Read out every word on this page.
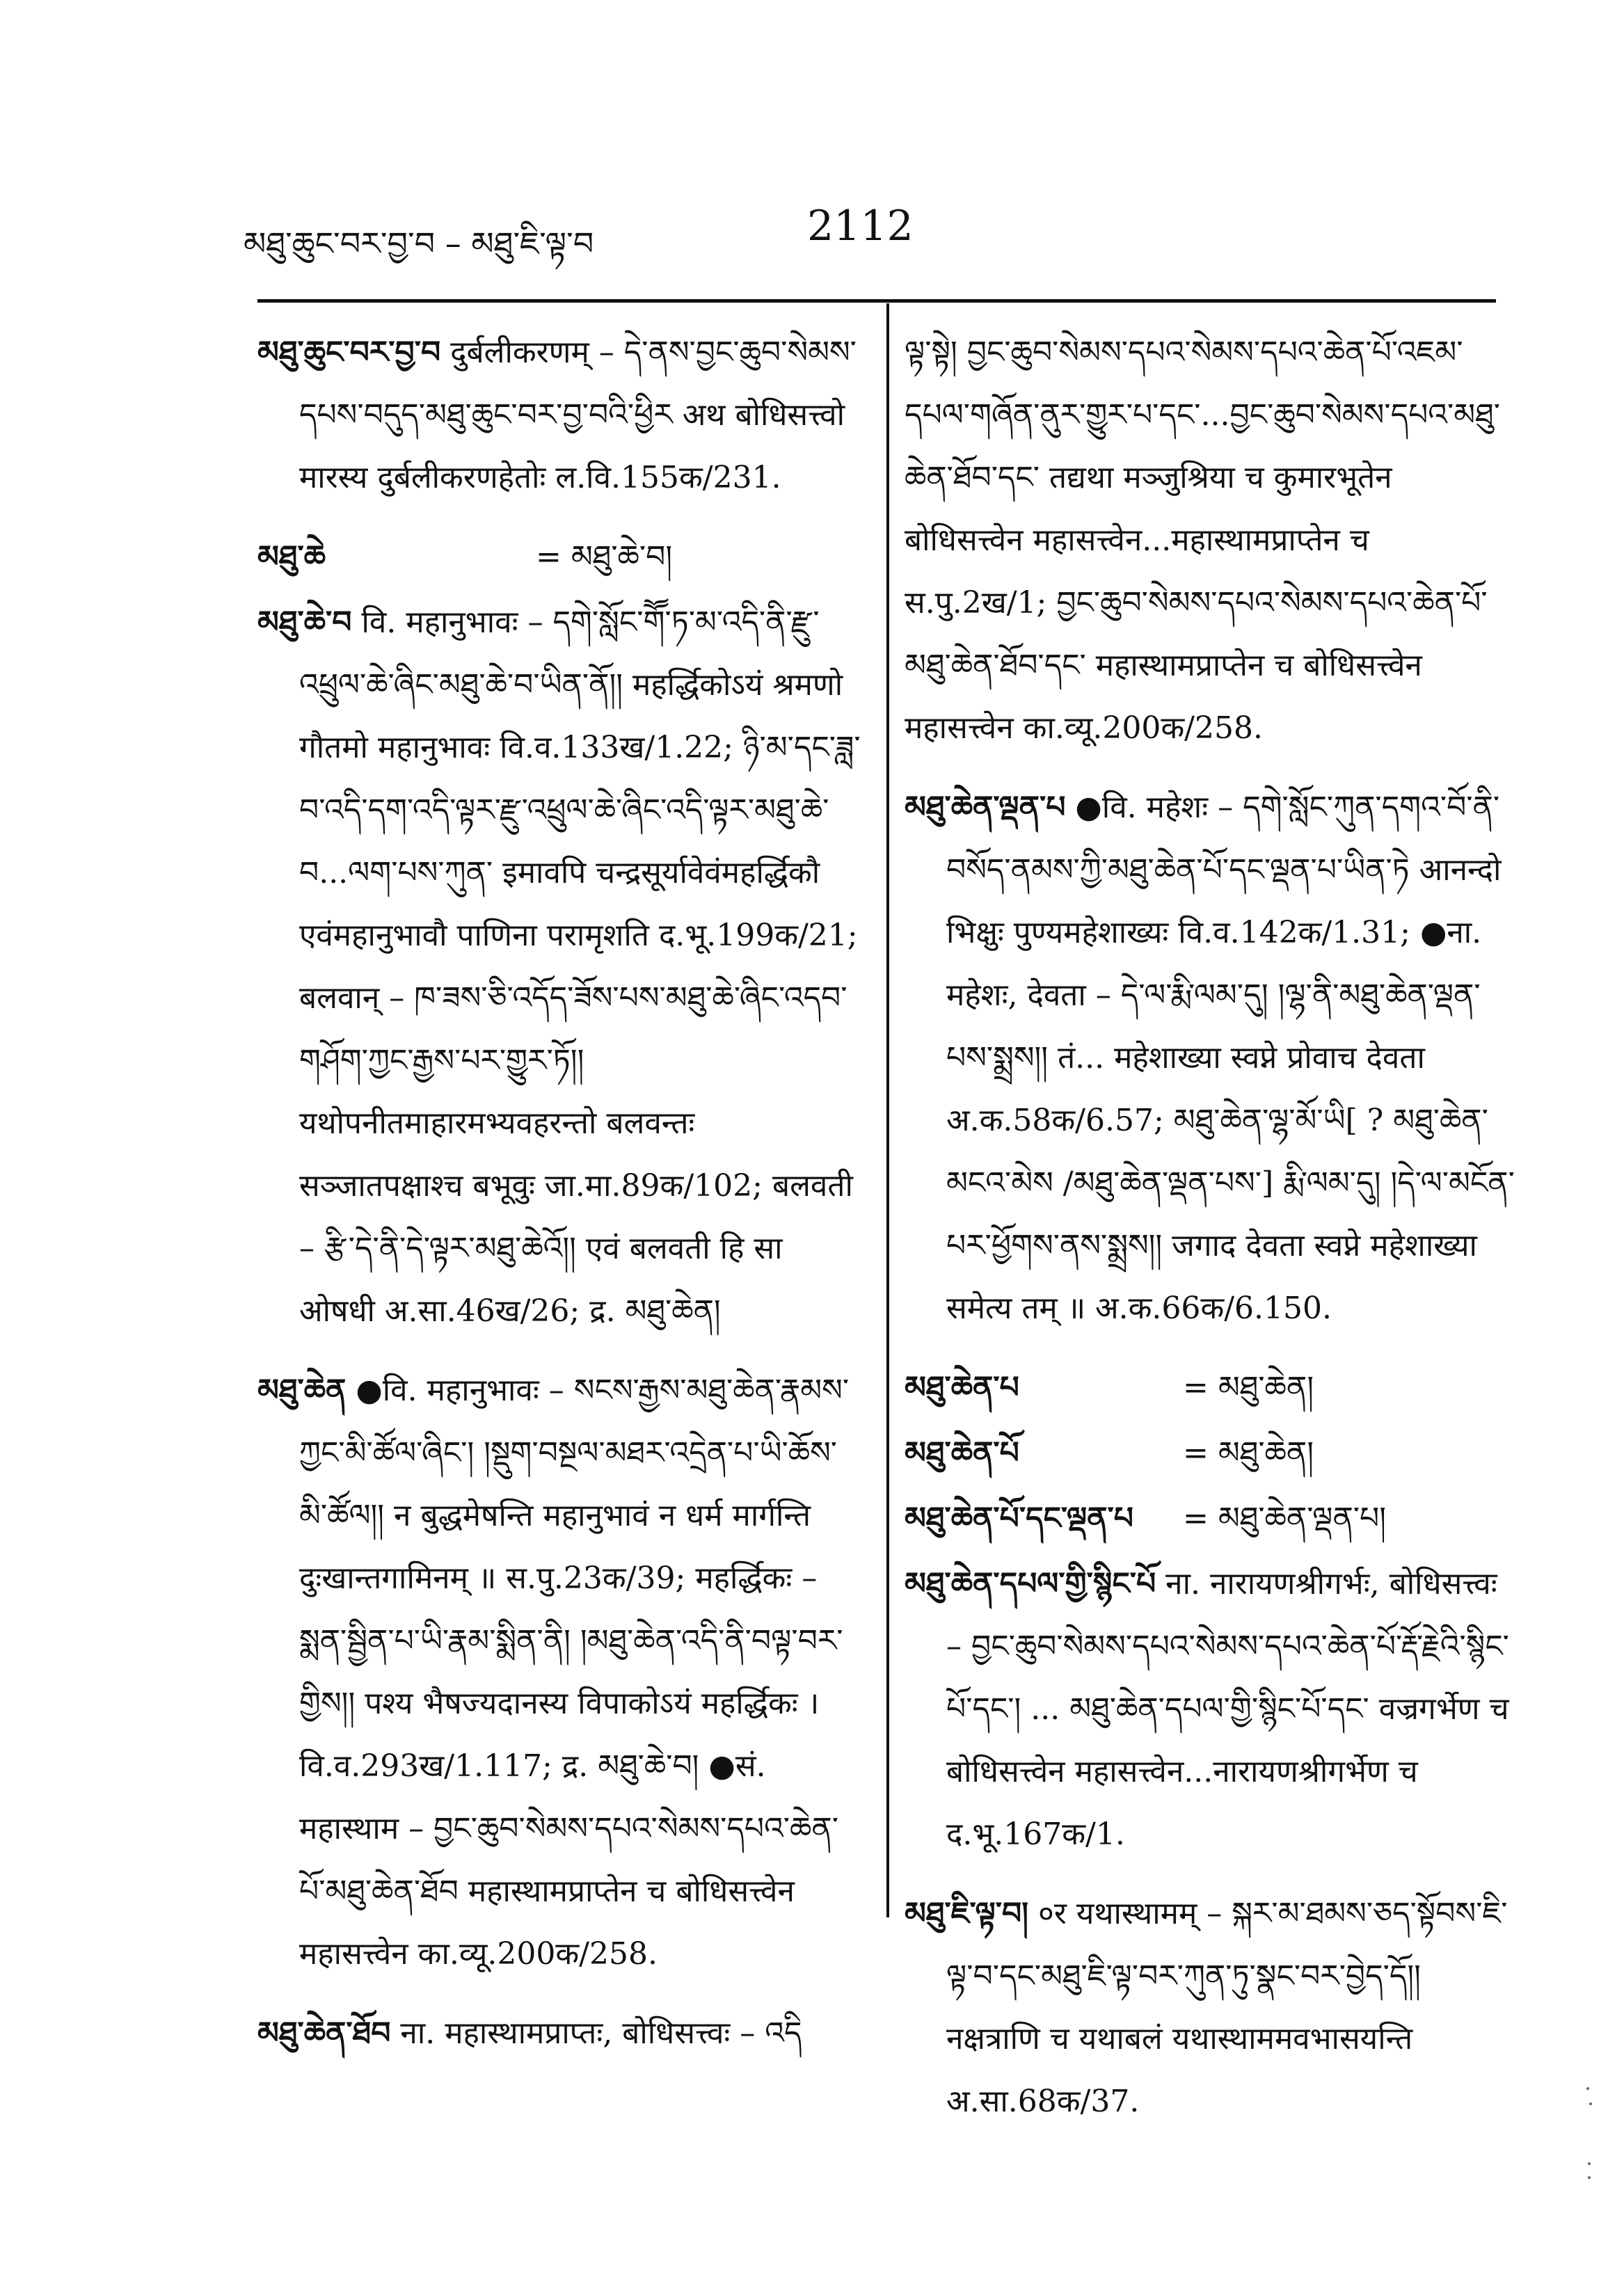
མཐུ་ཆུང་བར་བྱ་བ – མཐུ་ཇི་ལྟ་བ	2112
མཐུ་ཆུང་བར་བྱ་བ दुर्बलीकरणम् – དེ་ནས་བྱང་ཆུབ་སེམས་དཔས་བདུད་མཐུ་ཆུང་བར་བྱ་བའི་ཕྱིར अथ बोधिसत्त्वो मारस्य दुर्बलीकरणहेतोः ल.वि.155क/231.
མཐུ་ཆེ	= མཐུ་ཆེ་བ།
མཐུ་ཆེ་བ वि. महानुभावः – དགེ་སློང་གཽ་ཏ་མ་འདི་ནི་རྫུ་འཕྲུལ་ཆེ་ཞིང་མཐུ་ཆེ་བ་ཡིན་ནོ།། महर्द्धिकोऽयं श्रमणो गौतमो महानुभावः वि.व.133ख/1.22; ཉི་མ་དང་ཟླ་བ་འདི་དག་འདི་ལྟར་རྫུ་འཕྲུལ་ཆེ་ཞིང་འདི་ལྟར་མཐུ་ཆེ་བ...ལག་པས་ཀུན་ इमावपि चन्द्रसूर्यावेवंमहर्द्धिकौ एवंमहानुभावौ पाणिना परामृशति द.भू.199क/21; बलवान् – ཁ་ཟས་ཅི་འདོད་ཟོས་པས་མཐུ་ཆེ་ཞིང་འདབ་གཤོག་ཀྱང་རྒྱས་པར་གྱུར་ཏོ།། यथोपनीतमाहारमभ्यवहरन्तो बलवन्तः सञ्जातपक्षाश्च बभूवुः जा.मा.89क/102; बलवती – རྩི་དེ་ནི་དེ་ལྟར་མཐུ་ཆེའོ།། एवं बलवती हि सा ओषधी अ.सा.46ख/26; द्र. མཐུ་ཆེན།
མཐུ་ཆེན ●वि. महानुभावः – སངས་རྒྱས་མཐུ་ཆེན་རྣམས་ཀྱང་མི་ཚོལ་ཞིང་། །སྡུག་བསྔལ་མཐར་འདྲེན་པ་ཡི་ཆོས་མི་ཚོལ།། न बुद्धमेषन्ति महानुभावं न धर्म मार्गन्ति दुःखान्तगामिनम् ॥ स.पु.23क/39; महर्द्धिकः – སྨན་སྦྱིན་པ་ཡི་རྣམ་སྨིན་ནི། །མཐུ་ཆེན་འདི་ནི་བལྟ་བར་གྱིས།། पश्य भैषज्यदानस्य विपाकोऽयं महर्द्धिकः । वि.व.293ख/1.117; द्र. མཐུ་ཆེ་བ། ●सं. महास्थाम – བྱང་ཆུབ་སེམས་དཔའ་སེམས་དཔའ་ཆེན་པོ་མཐུ་ཆེན་ཐོབ महास्थामप्राप्तेन च बोधिसत्त्वेन महासत्त्वेन का.व्यू.200क/258.
མཐུ་ཆེན་ཐོབ ना. महास्थामप्राप्तः, बोधिसत्त्वः – འདི
ལྟ་སྟེ། བྱང་ཆུབ་སེམས་དཔའ་སེམས་དཔའ་ཆེན་པོ་འཇམ་དཔལ་གཞོན་ནུར་གྱུར་པ་དང་...བྱང་ཆུབ་སེམས་དཔའ་མཐུ་ཆེན་ཐོབ་དང་ तद्यथा मञ्जुश्रिया च कुमारभूतेन बोधिसत्त्वेन महासत्त्वेन...महास्थामप्राप्तेन च स.पु.2ख/1; བྱང་ཆུབ་སེམས་དཔའ་སེམས་དཔའ་ཆེན་པོ་མཐུ་ཆེན་ཐོབ་དང་ महास्थामप्राप्तेन च बोधिसत्त्वेन महासत्त्वेन का.व्यू.200क/258.
མཐུ་ཆེན་ལྡན་པ ●वि. महेशः – དགེ་སློང་ཀུན་དགའ་བོ་ནི་བསོད་ནམས་ཀྱི་མཐུ་ཆེན་པོ་དང་ལྡན་པ་ཡིན་ཏེ आनन्दो भिक्षुः पुण्यमहेशाख्यः वि.व.142क/1.31; ●ना. महेशः, देवता – དེ་ལ་རྨི་ལམ་དུ། །ལྷ་ནི་མཐུ་ཆེན་ལྡན་པས་སྨྲས།། तं... महेशाख्या स्वप्ने प्रोवाच देवता अ.क.58क/6.57; མཐུ་ཆེན་ལྷ་མོ་ཡི[ ? མཐུ་ཆེན་མངའ་མེས /མཐུ་ཆེན་ལྡན་པས་] རྨི་ལམ་དུ། །དེ་ལ་མངོན་པར་ཕྱོགས་ནས་སྨྲས།། जगाद देवता स्वप्ने महेशाख्या समेत्य तम् ॥ अ.क.66क/6.150.
མཐུ་ཆེན་པ	= མཐུ་ཆེན།
མཐུ་ཆེན་པོ	= མཐུ་ཆེན།
མཐུ་ཆེན་པོ་དང་ལྡན་པ	= མཐུ་ཆེན་ལྡན་པ།
མཐུ་ཆེན་དཔལ་གྱི་སྙིང་པོ ना. नारायणश्रीगर्भः, बोधिसत्त्वः – བྱང་ཆུབ་སེམས་དཔའ་སེམས་དཔའ་ཆེན་པོ་རྡོ་རྗེའི་སྙིང་པོ་དང་། ... མཐུ་ཆེན་དཔལ་གྱི་སྙིང་པོ་དང་ वज्रगर्भेण च बोधिसत्त्वेन महासत्त्वेन...नारायणश्रीगर्भेण च द.भू.167क/1.
མཐུ་ཇི་ལྟ་བ། ०र यथास्थामम् – སྐར་མ་ཐམས་ཅད་སྟོབས་ཇི་ལྟ་བ་དང་མཐུ་ཇི་ལྟ་བར་ཀུན་ཏུ་སྣང་བར་བྱེད་དོ།། नक्षत्राणि च यथाबलं यथास्थाममवभासयन्ति अ.सा.68क/37.
